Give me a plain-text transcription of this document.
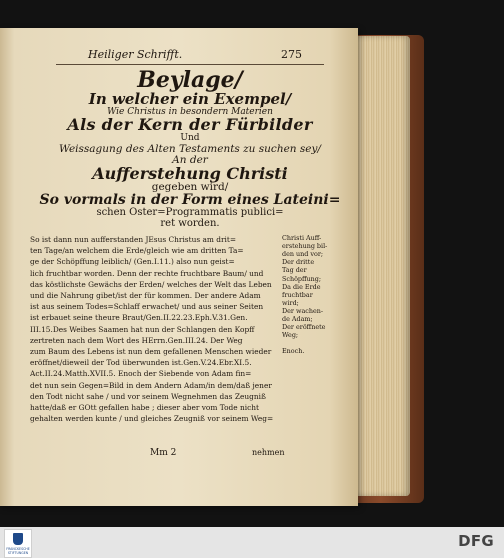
Heiliger Schrifft.	275
Beylage/
In welcher ein Exempel/
Wie Christus in besondern Materien
Als der Kern der Fürbilder
Und
Weissagung des Alten Testaments zu suchen sey/
An der
Aufferstehung Christi
gegeben wird/
So vormals in der Form eines Lateini=
schen Oster=Programmatis publici=
ret worden.
So ist dann nun aufferstanden JEsus Christus am drit=
ten Tage/an welchem die Erde/gleich wie am dritten Ta=
ge der Schöpffung leiblich/ (Gen.I.11.) also nun geist=
lich fruchtbar worden. Denn der rechte fruchtbare Baum/ und
das köstlichste Gewächs der Erden/ welches der Welt das Leben
und die Nahrung gibet/ist der für kommen. Der andere Adam
ist aus seinem Todes=Schlaff erwachet/ und aus seiner Seiten
ist erbauet seine theure Braut/Gen.II.22.23.Eph.V.31.Gen.
III.15.Des Weibes Saamen hat nun der Schlangen den Kopff
zertreten nach dem Wort des HErrn.Gen.III.24. Der Weg
zum Baum des Lebens ist nun dem gefallenen Menschen wieder
eröffnet/dieweil der Tod überwunden ist.Gen.V.24.Ebr.XI.5.
Act.II.24.Matth.XVII.5. Enoch der Siebende von Adam fin=
det nun sein Gegen=Bild in dem Andern Adam/in dem/daß jener
den Todt nicht sahe / und vor seinem Wegnehmen das Zeugniß
hatte/daß er GOtt gefallen habe ; dieser aber vom Tode nicht
gehalten werden kunte / und gleiches Zeugniß vor seinem Weg=
Christi Auff-
erstehung bil-
den und vor;
Der dritte
Tag der
Schöpffung;
Da die Erde
fruchtbar
wird;
Der wachen-
de Adam;
Der eröffnete
Weg;
Enoch.
Mm 2	nehmen
FRANCKESCHE STIFTUNGEN
DFG
